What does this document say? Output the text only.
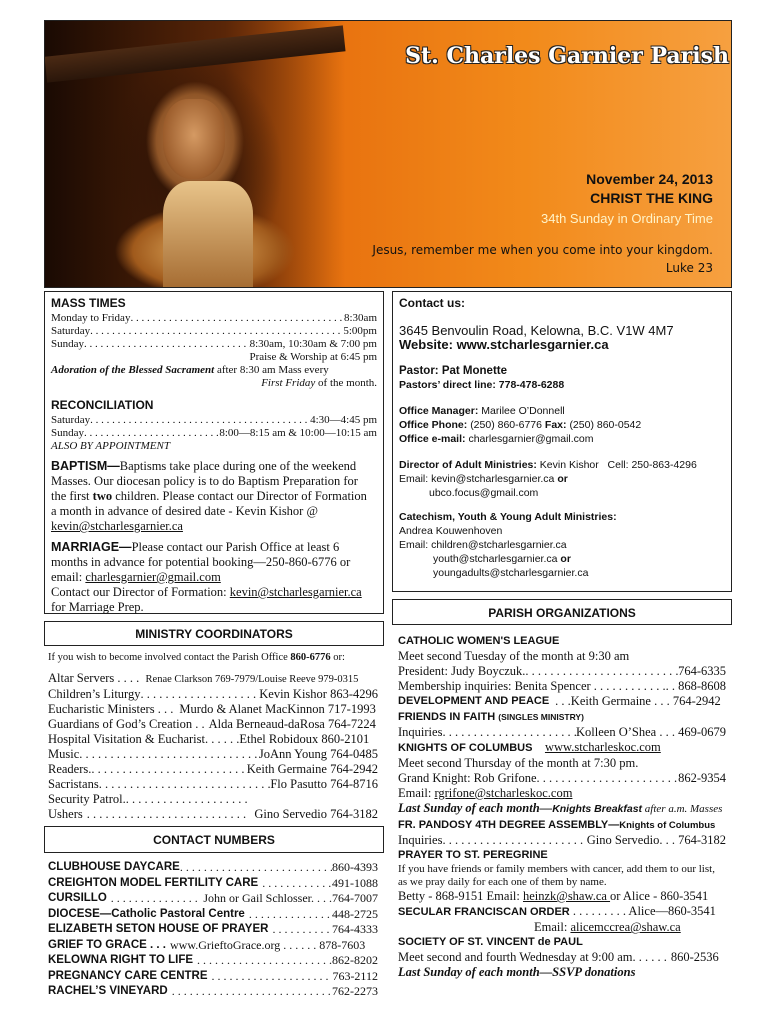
St. Charles Garnier Parish
November 24, 2013
CHRIST THE KING
34th Sunday in Ordinary Time
Jesus, remember me when you come into your kingdom.
Luke 23
MASS TIMES
Monday to Friday . . .	8:30am
Saturday . . .	5:00pm
Sunday . . .	8:30am, 10:30am & 7:00 pm
Praise & Worship at 6:45 pm
Adoration of the Blessed Sacrament after 8:30 am Mass every
First Friday of the month.
RECONCILIATION
Saturday . . .	4:30—4:45 pm
Sunday . . .	8:00—8:15 am & 10:00—10:15 am
ALSO BY APPOINTMENT
BAPTISM—Baptisms take place during one of the weekend
Masses. Our diocesan policy is to do Baptism Preparation for
the first two children. Please contact our Director of Formation
a month in advance of desired date - Kevin Kishor @
kevin@stcharlesgarnier.ca
MARRIAGE—Please contact our Parish Office at least 6
months in advance for potential booking—250-860-6776 or
email: charlesgarnier@gmail.com
Contact our Director of Formation: kevin@stcharlesgarnier.ca
for Marriage Prep.
Contact us:
3645 Benvoulin Road, Kelowna, B.C. V1W 4M7
Website: www.stcharlesgarnier.ca
Pastor: Pat Monette
Pastors’ direct line: 778-478-6288
Office Manager: Marilee O’Donnell
Office Phone: (250) 860-6776 Fax: (250) 860-0542
Office e-mail: charlesgarnier@gmail.com
Director of Adult Ministries: Kevin Kishor Cell: 250-863-4296
Email: kevin@stcharlesgarnier.ca or
ubco.focus@gmail.com
Catechism, Youth & Young Adult Ministries:
Andrea Kouwenhoven
Email: children@stcharlesgarnier.ca
youth@stcharlesgarnier.ca or
youngadults@stcharlesgarnier.ca
PARISH ORGANIZATIONS
CATHOLIC WOMEN'S LEAGUE
Meet second Tuesday of the month at 9:30 am
President: Judy Boyczuk. . . .	764-6335
Membership inquiries: Benita Spencer . . . . . . . . . . . . . . . 868-8608
DEVELOPMENT AND PEACE . . .Keith Germaine . . . 764-2942
FRIENDS IN FAITH (SINGLES MINISTRY)
Inquiries . . .	Kolleen O’Shea . . . 469-0679
KNIGHTS OF COLUMBUS www.stcharleskoc.com
Meet second Thursday of the month at 7:30 pm.
Grand Knight: Rob Grifone . . .	862-9354
Email: rgrifone@stcharleskoc.com
Last Sunday of each month—Knights Breakfast after a.m. Masses
FR. PANDOSY 4TH DEGREE ASSEMBLY—Knights of Columbus
Inquiries . . .	Gino Servedio. . . 764-3182
PRAYER TO ST. PEREGRINE
If you have friends or family members with cancer, add them to our list,
as we pray daily for each one of them by name.
Betty - 868-9151 Email: heinzk@shaw.ca or Alice - 860-3541
SECULAR FRANCISCAN ORDER . . . . . . . . . Alice—860-3541
Email: alicemccrea@shaw.ca
SOCIETY OF ST. VINCENT de PAUL
Meet second and fourth Wednesday at 9:00 am. . . . . . 860-2536
Last Sunday of each month—SSVP donations
MINISTRY COORDINATORS
If you wish to become involved contact the Parish Office 860-6776 or:
Altar Servers . . . . Renae Clarkson 769-7979/Louise Reeve 979-0315
Children’s Liturgy . . .	Kevin Kishor 863-4296
Eucharistic Ministers . . . Murdo & Alanet MacKinnon 717-1993
Guardians of God’s Creation . . Alda Berneaud-daRosa 764-7224
Hospital Visitation & Eucharist. . . . . . Ethel Robidoux 860-2101
Music . . .	JoAnn Young 764-0485
Readers. . . .	Keith Germaine 764-2942
Sacristans . . .	Flo Pasutto 764-8716
Security Patrol.
. . .
Ushers . . .	Gino Servedio 764-3182
CONTACT NUMBERS
CLUBHOUSE DAYCARE . . .	860-4393
CREIGHTON MODEL FERTILITY CARE . . .	491-1088
CURSILLO . . .	John or Gail Schlosser. . . .764-7007
DIOCESE—Catholic Pastoral Centre . . .	448-2725
ELIZABETH SETON HOUSE OF PRAYER . . .	764-4333
GRIEF TO GRACE . . . www.GrieftoGrace.org . . . . . . 878-7603
KELOWNA RIGHT TO LIFE . . .	862-8202
PREGNANCY CARE CENTRE . . .	763-2112
RACHEL’S VINEYARD . . .	762-2273
